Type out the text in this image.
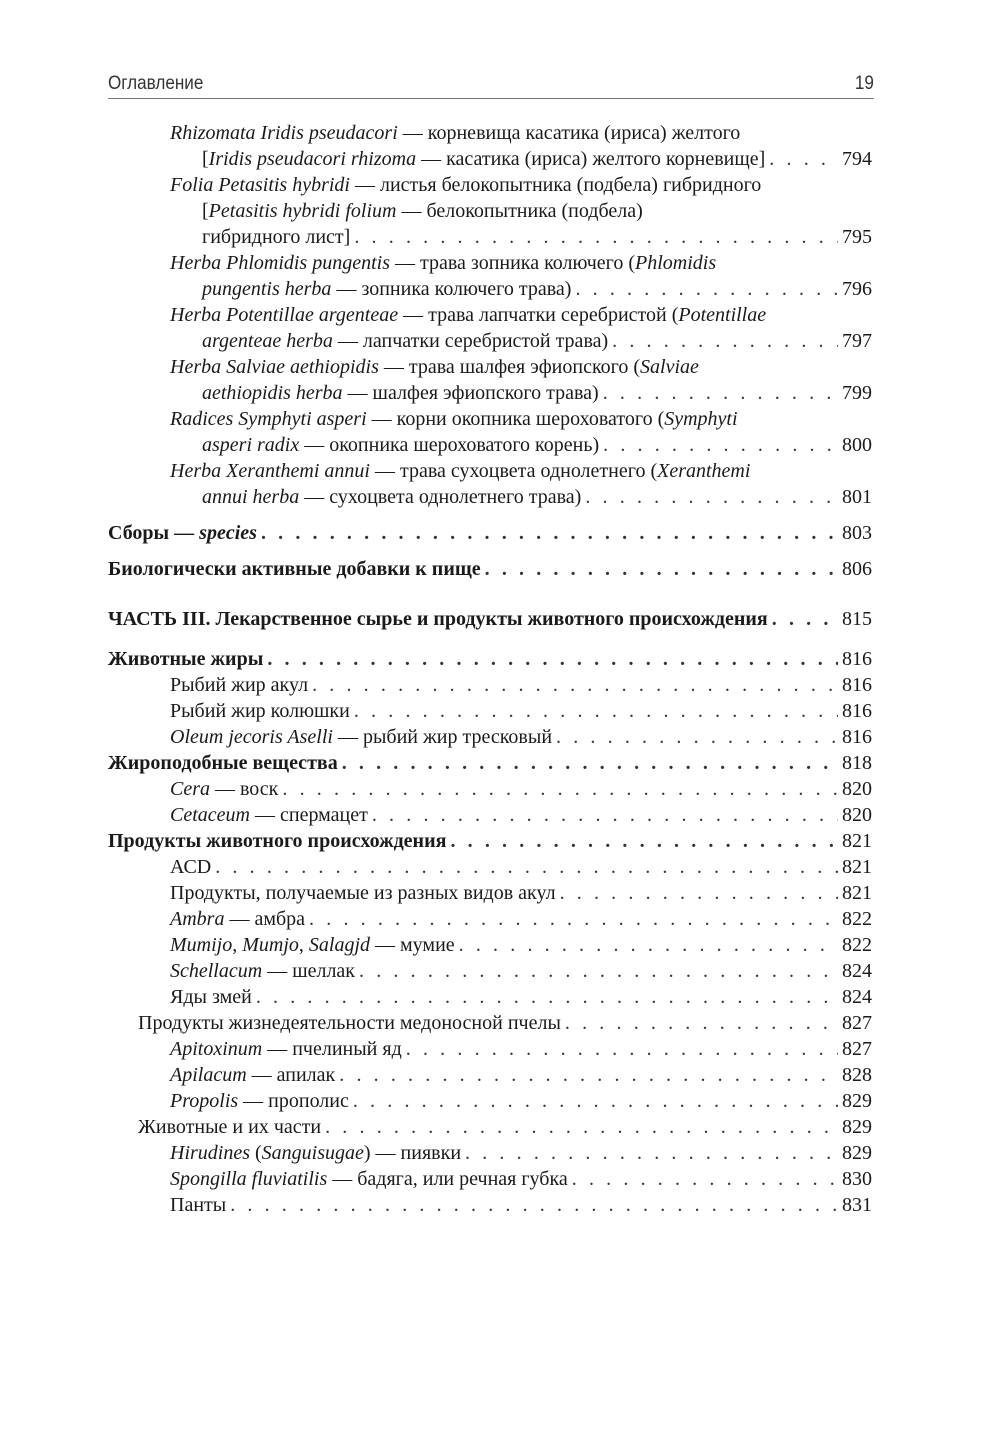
Оглавление	19
Rhizomata Iridis pseudacori — корневища касатика (ириса) желтого
[Iridis pseudacori rhizoma — касатика (ириса) желтого корневище] . . .	794
Folia Petasitis hybridi — листья белокопытника (подбела) гибридного
[Petasitis hybridi folium — белокопытника (подбела)
гибридного лист] . . .	795
Herba Phlomidis pungentis — трава зопника колючего (Phlomidis
pungentis herba — зопника колючего трава) . . .	796
Herba Potentillae argenteae — трава лапчатки серебристой (Potentillae
argenteae herba — лапчатки серебристой трава) . . .	797
Herba Salviae aethiopidis — трава шалфея эфиопского (Salviae
aethiopidis herba — шалфея эфиопского трава) . . .	799
Radices Symphyti asperi — корни окопника шероховатого (Symphyti
asperi radix — окопника шероховатого корень) . . .	800
Herba Xeranthemi annui — трава сухоцвета однолетнего (Xeranthemi
annui herba — сухоцвета однолетнего трава) . . .	801
Сборы — species . . .	803
Биологически активные добавки к пище . . .	806
ЧАСТЬ III. Лекарственное сырье и продукты животного происхождения . . .	815
Животные жиры . . .	816
Рыбий жир акул . . .	816
Рыбий жир колюшки . . .	816
Oleum jecoris Aselli — рыбий жир тресковый . . .	816
Жироподобные вещества . . .	818
Cera — воск . . .	820
Cetaceum — спермацет . . .	820
Продукты животного происхождения . . .	821
АСD . . .	821
Продукты, получаемые из разных видов акул . . .	821
Ambra — амбра . . .	822
Mumijo, Mumjo, Salagjd — мумие . . .	822
Schellacum — шеллак . . .	824
Яды змей . . .	824
Продукты жизнедеятельности медоносной пчелы . . .	827
Apitoxinum — пчелиный яд . . .	827
Apilacum — апилак . . .	828
Propolis — прополис . . .	829
Животные и их части . . .	829
Hirudines (Sanguisugae) — пиявки . . .	829
Spongilla fluviatilis — бадяга, или речная губка . . .	830
Панты . . .	831
